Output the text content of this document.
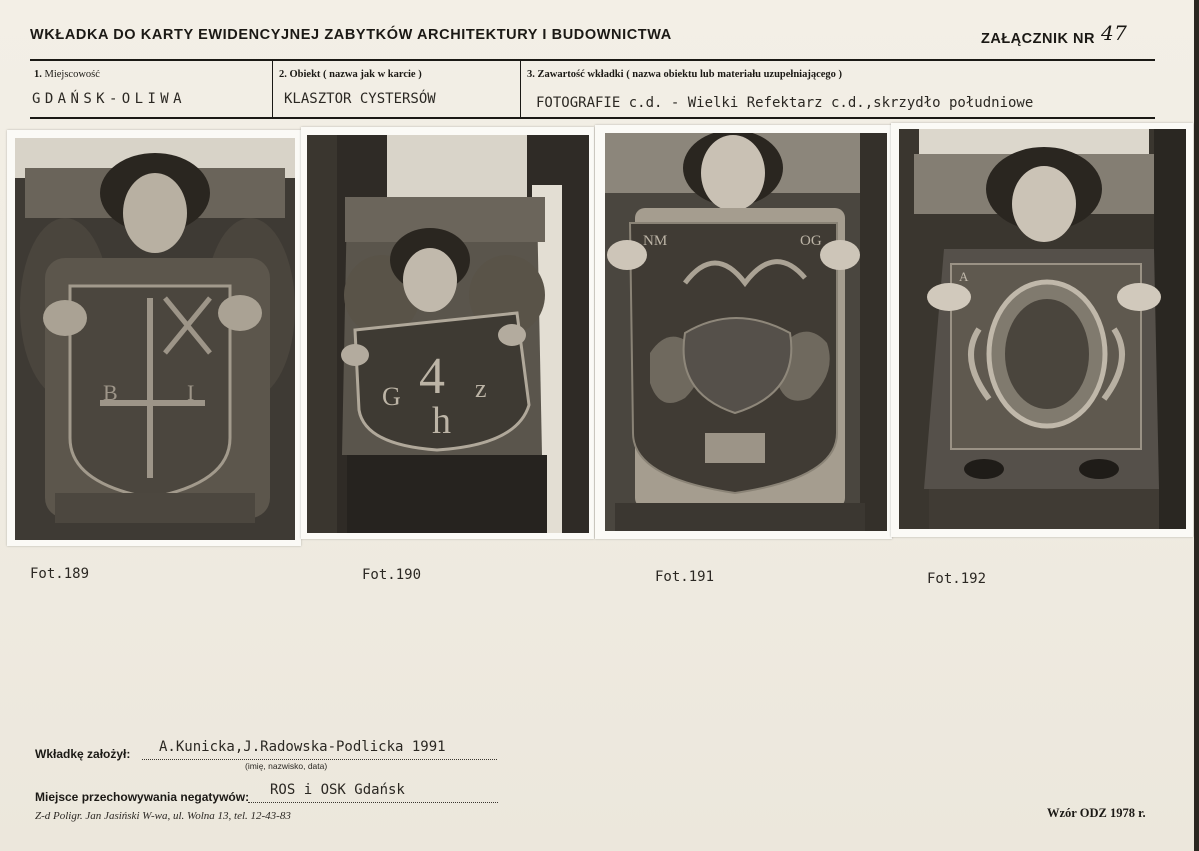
WKŁADKA DO KARTY EWIDENCYJNEJ ZABYTKÓW ARCHITEKTURY I BUDOWNICTWA	ZAŁĄCZNIK NR 47
1. Miejscowość
GDAŃSK-OLIWA
2. Obiekt ( nazwa jak w karcie )
KLASZTOR CYSTERSÓW
3. Zawartość wkładki ( nazwa obiektu lub materiału uzupełniającego )
FOTOGRAFIE c.d. - Wielki Refektarz c.d.,skrzydło południowe
B	I	4
G
h
z
NM	OG
A
Fot.189	Fot.190	Fot.191	Fot.192
Wkładkę założył: A.Kunicka,J.Radowska-Podlicka 1991
(imię, nazwisko, data)
Miejsce przechowywania negatywów: ROS i OSK Gdańsk
Z-d Poligr. Jan Jasiński W-wa, ul. Wolna 13, tel. 12-43-83	Wzór ODZ 1978 r.
